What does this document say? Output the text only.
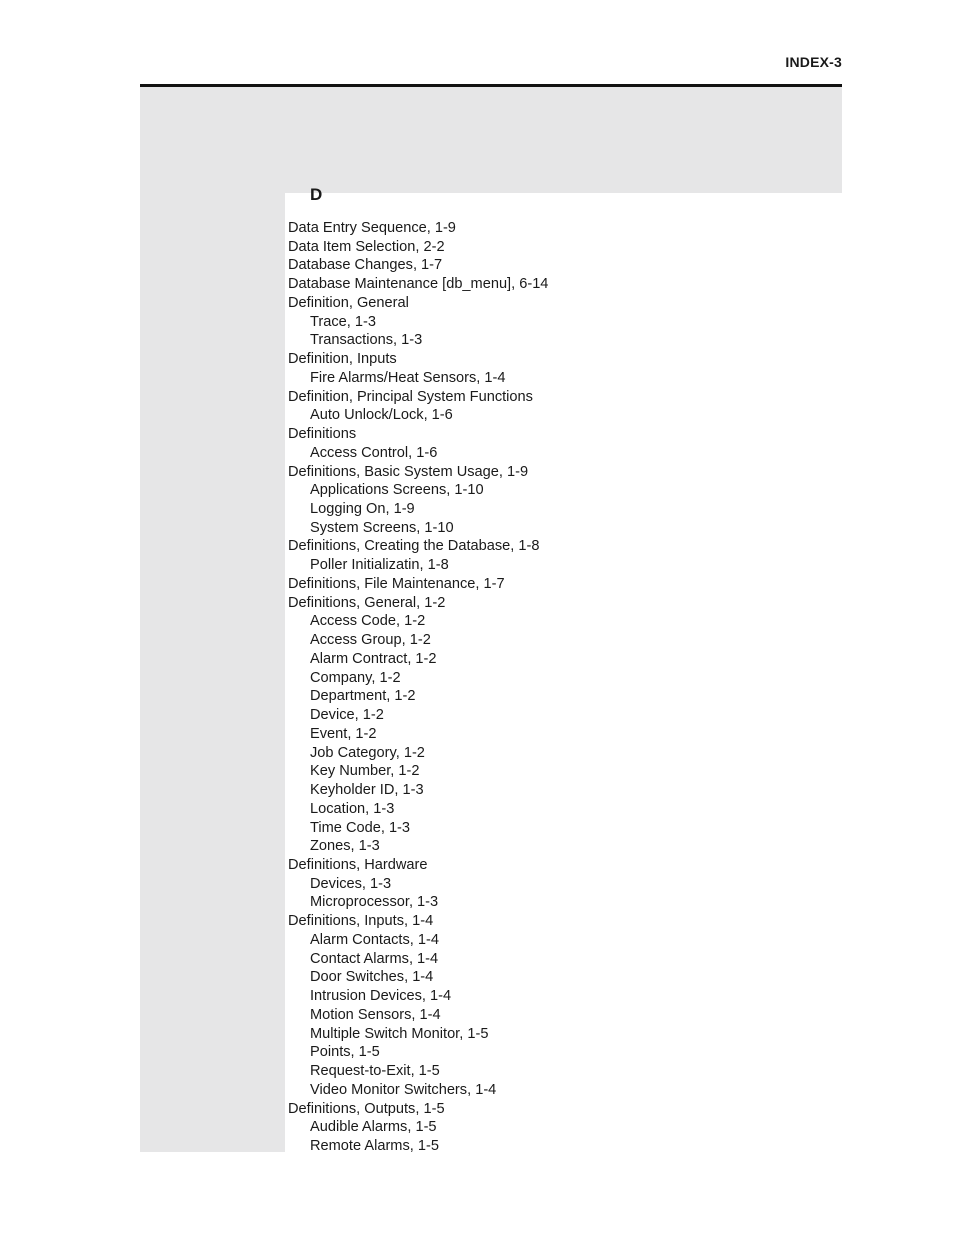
INDEX-3
D
Data Entry Sequence, 1-9
Data Item Selection, 2-2
Database Changes, 1-7
Database Maintenance [db_menu], 6-14
Definition, General
Trace, 1-3
Transactions, 1-3
Definition, Inputs
Fire Alarms/Heat Sensors, 1-4
Definition, Principal System Functions
Auto Unlock/Lock, 1-6
Definitions
Access Control, 1-6
Definitions, Basic System Usage, 1-9
Applications Screens, 1-10
Logging On, 1-9
System Screens, 1-10
Definitions, Creating the Database, 1-8
Poller Initializatin, 1-8
Definitions, File Maintenance, 1-7
Definitions, General, 1-2
Access Code, 1-2
Access Group, 1-2
Alarm Contract, 1-2
Company, 1-2
Department, 1-2
Device, 1-2
Event, 1-2
Job Category, 1-2
Key Number, 1-2
Keyholder ID, 1-3
Location, 1-3
Time Code, 1-3
Zones, 1-3
Definitions, Hardware
Devices, 1-3
Microprocessor, 1-3
Definitions, Inputs, 1-4
Alarm Contacts, 1-4
Contact Alarms, 1-4
Door Switches, 1-4
Intrusion Devices, 1-4
Motion Sensors, 1-4
Multiple Switch Monitor, 1-5
Points, 1-5
Request-to-Exit, 1-5
Video Monitor Switchers, 1-4
Definitions, Outputs, 1-5
Audible Alarms, 1-5
Remote Alarms, 1-5
